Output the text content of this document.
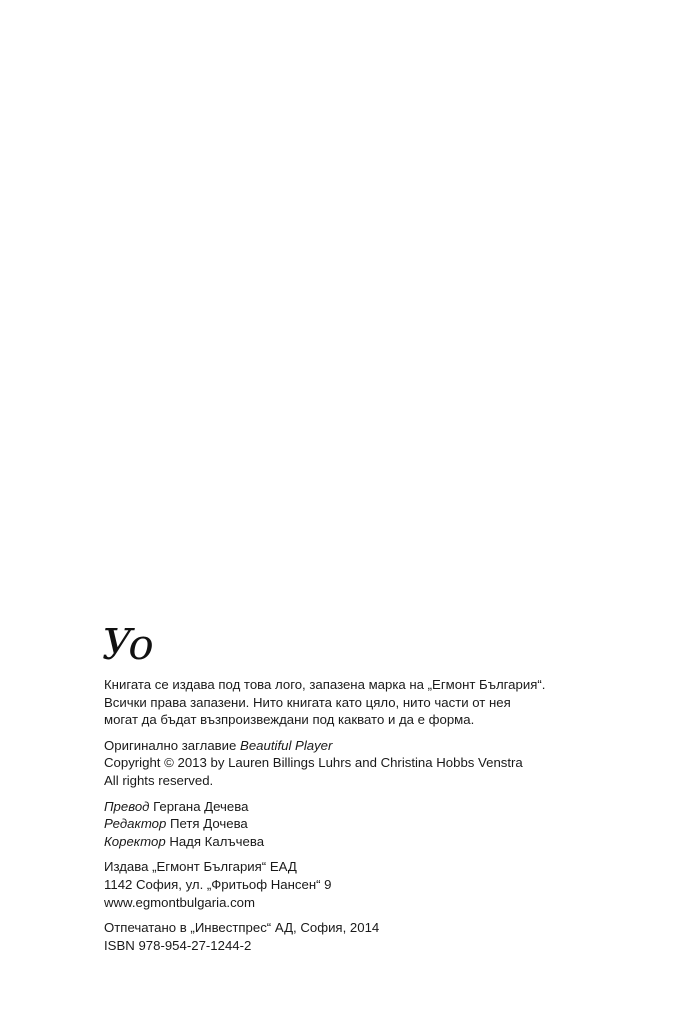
Уо
Книгата се издава под това лого, запазена марка на „Егмонт България“.
Всички права запазени. Нито книгата като цяло, нито части от нея
могат да бъдат възпроизвеждани под каквато и да е форма.
Оригинално заглавие Beautiful Player
Copyright © 2013 by Lauren Billings Luhrs and Christina Hobbs Venstra
All rights reserved.
Превод Гергана Дечева
Редактор Петя Дочева
Коректор Надя Калъчева
Издава „Егмонт България“ ЕАД
1142 София, ул. „Фритьоф Нансен“ 9
www.egmontbulgaria.com
Отпечатано в „Инвестпрес“ АД, София, 2014
ISBN 978-954-27-1244-2
